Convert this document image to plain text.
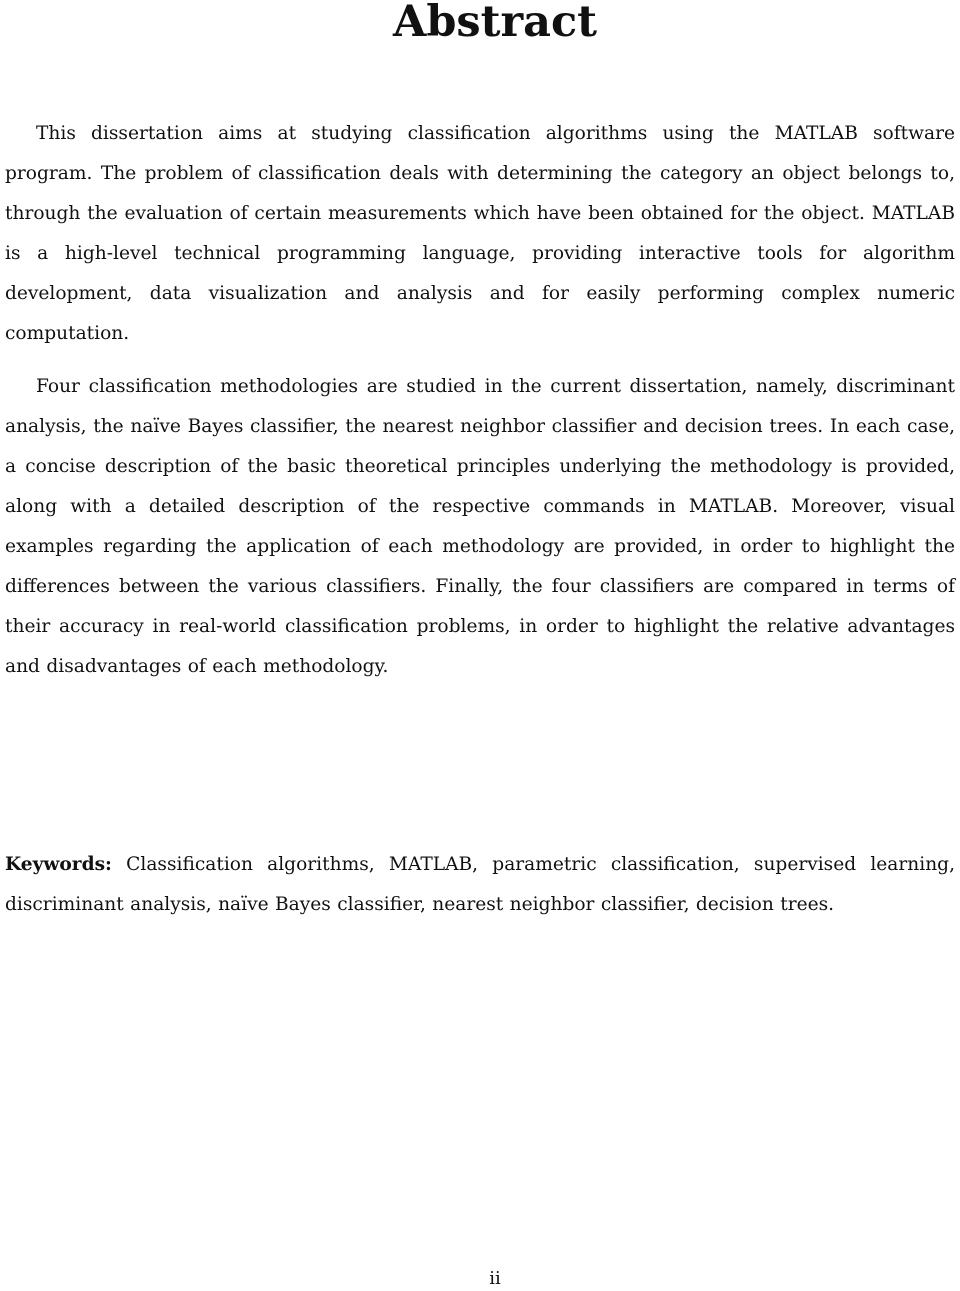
Abstract

This dissertation aims at studying classification algorithms using the MATLAB software program. The problem of classification deals with determining the category an object belongs to, through the evaluation of certain measurements which have been obtained for the object. MATLAB is a high-level technical programming language, providing interactive tools for algorithm development, data visualization and analysis and for easily performing complex numeric computation.

Four classification methodologies are studied in the current dissertation, namely, discriminant analysis, the naïve Bayes classifier, the nearest neighbor classifier and decision trees. In each case, a concise description of the basic theoretical principles underlying the methodology is provided, along with a detailed description of the respective commands in MATLAB. Moreover, visual examples regarding the application of each methodology are provided, in order to highlight the differences between the various classifiers. Finally, the four classifiers are compared in terms of their accuracy in real-world classification problems, in order to highlight the relative advantages and disadvantages of each methodology.

Keywords: Classification algorithms, MATLAB, parametric classification, supervised learning, discriminant analysis, naïve Bayes classifier, nearest neighbor classifier, decision trees.

ii
